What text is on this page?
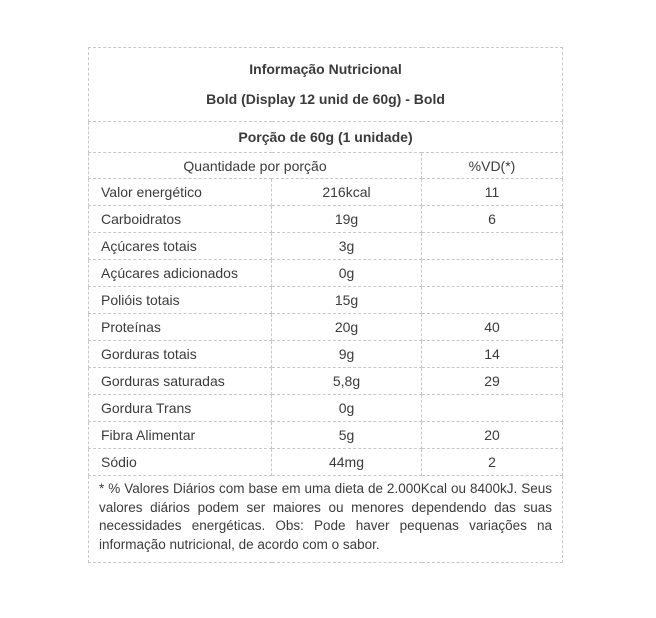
Informação Nutricional
Bold (Display 12 unid de 60g) - Bold		

Porção de 60g (1 unidade)		
Quantidade por porção		%VD(*)
Valor energético	216kcal	11
Carboidratos	19g	6
Açúcares totais	3g	
Açúcares adicionados	0g	
Polióis totais	15g	
Proteínas	20g	40
Gorduras totais	9g	14
Gorduras saturadas	5,8g	29
Gordura Trans	0g	
Fibra Alimentar	5g	20
Sódio	44mg	2
* % Valores Diários com base em uma dieta de 2.000Kcal ou 8400kJ. Seus valores diários podem ser maiores ou menores dependendo das suas necessidades energéticas. Obs: Pode haver pequenas variações na informação nutricional, de acordo com o sabor.		
